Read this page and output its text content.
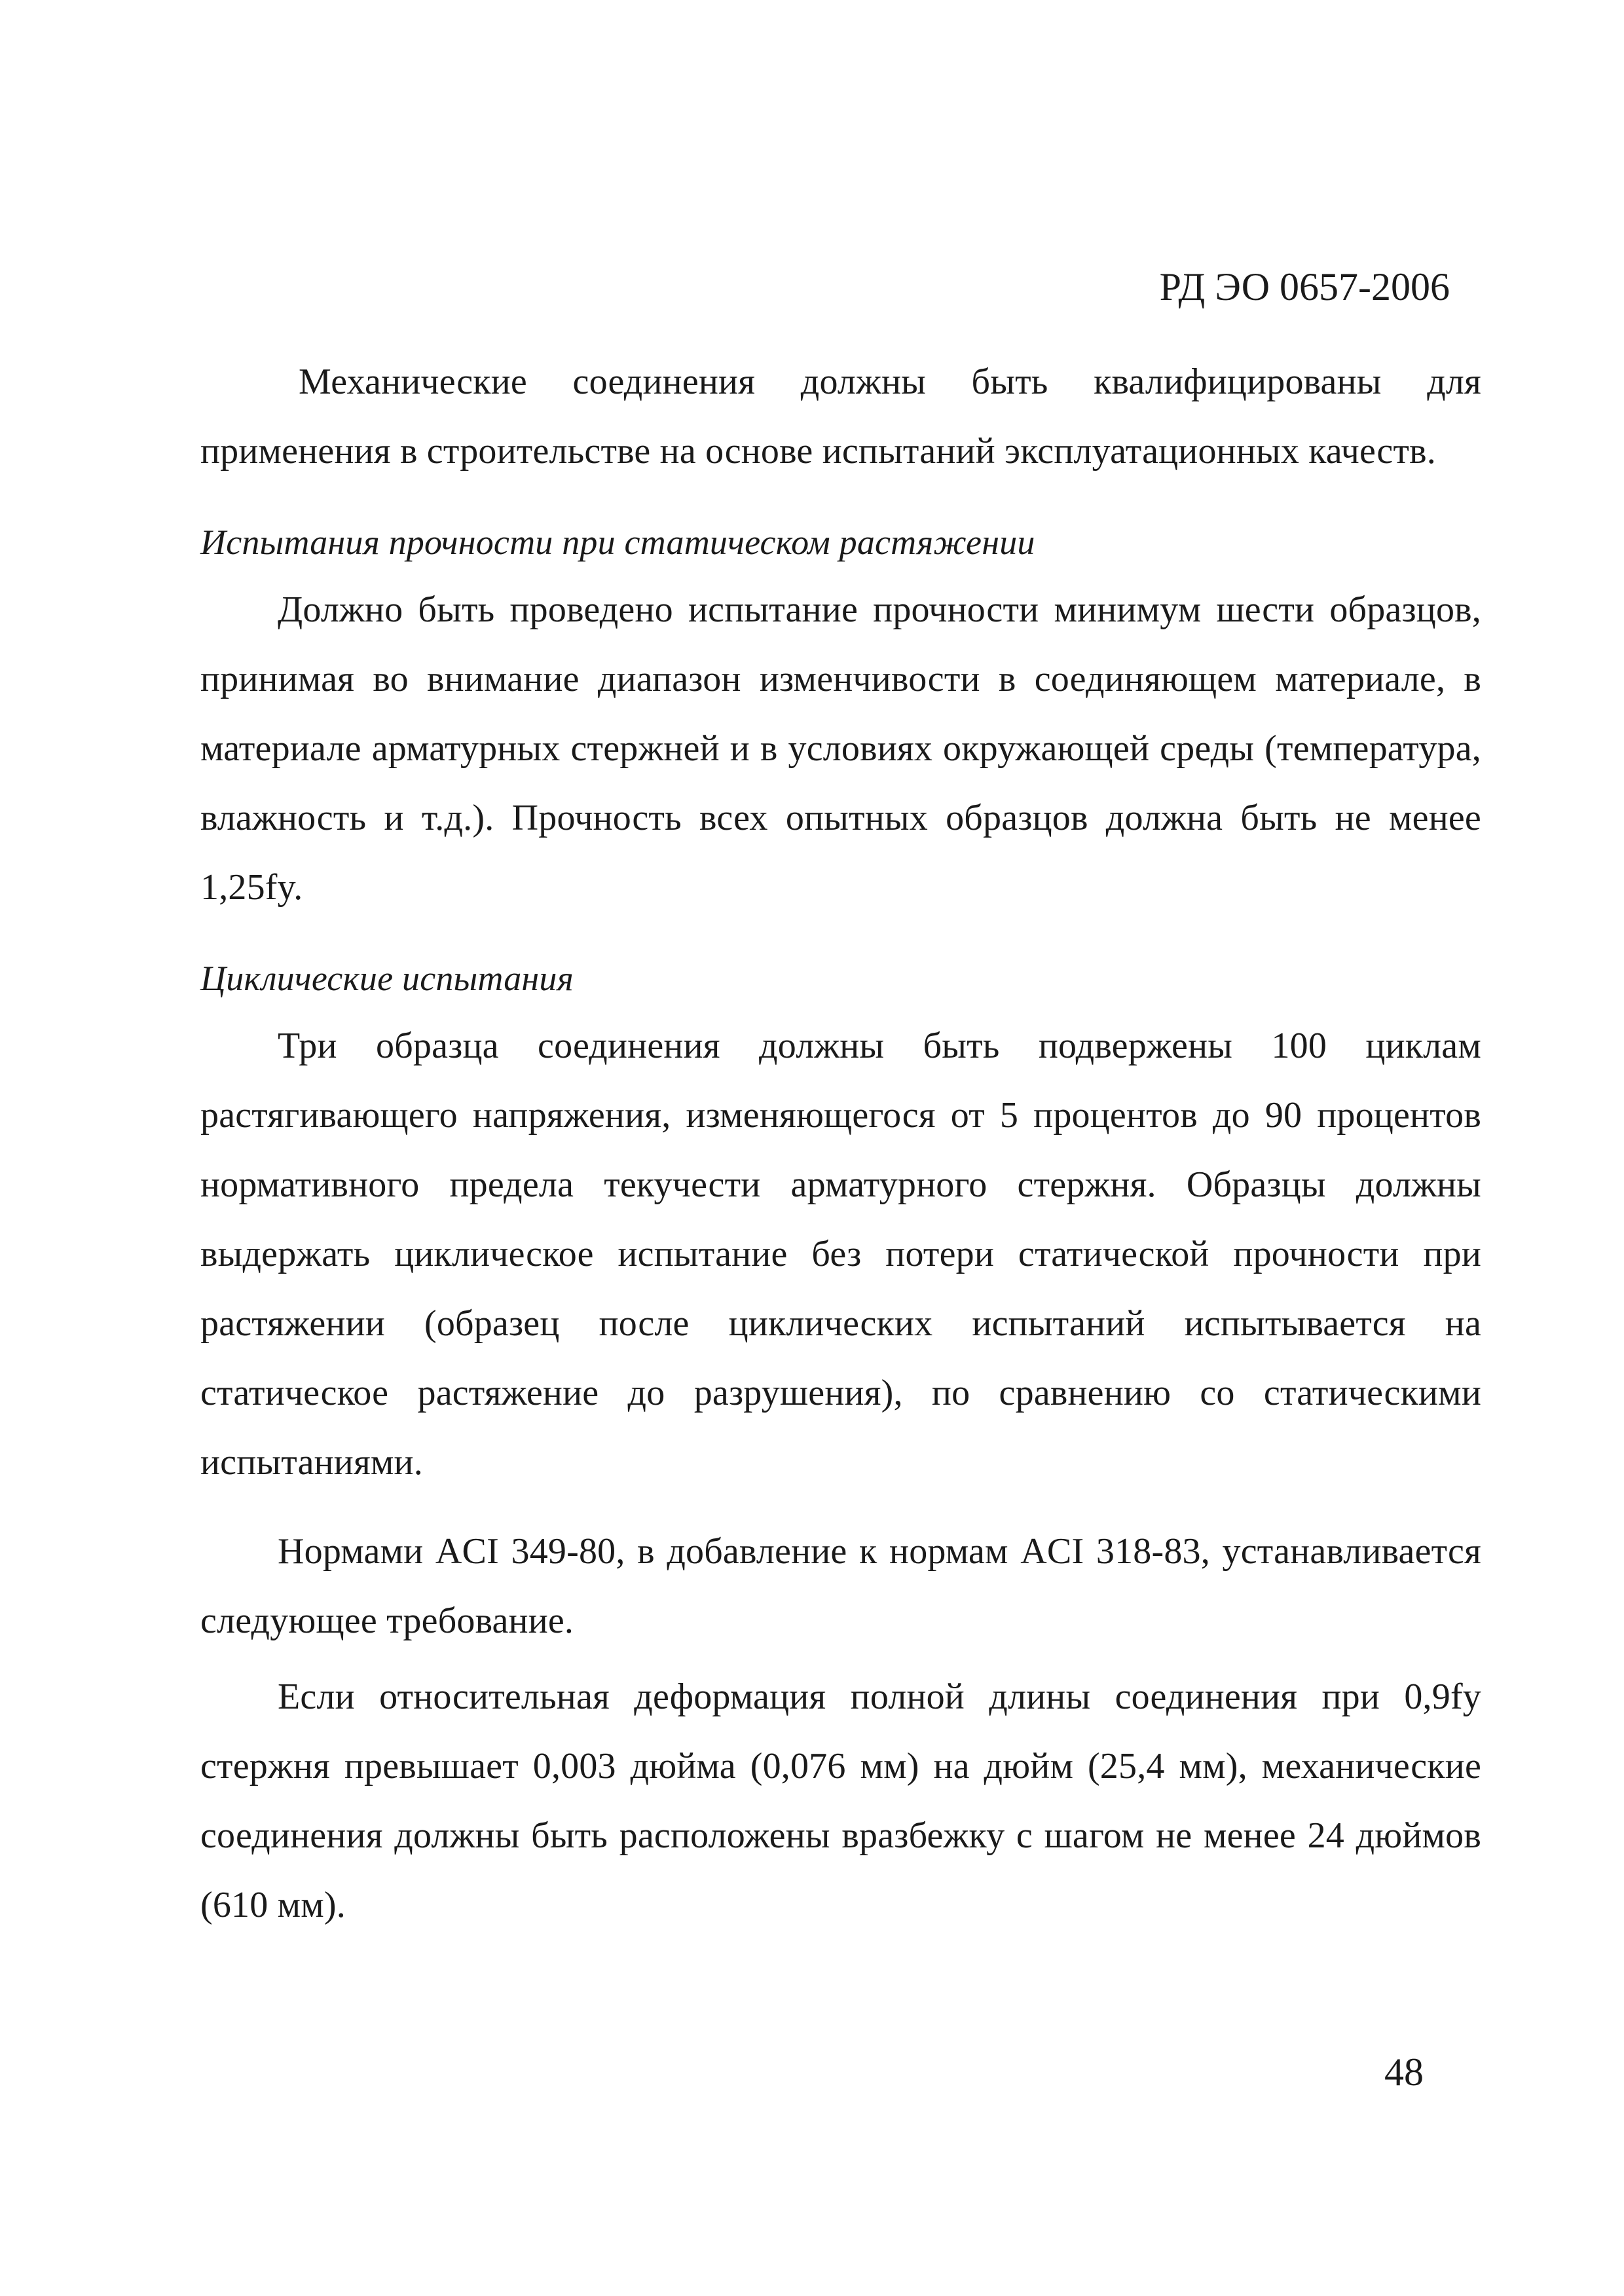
РД ЭО 0657-2006

Механические соединения должны быть квалифицированы для применения в строительстве на основе испытаний эксплуатационных качеств.

Испытания прочности при статическом растяжении

Должно быть проведено испытание прочности минимум шести образцов, принимая во внимание диапазон изменчивости в соединяющем материале, в материале арматурных стержней и в условиях окружающей среды (температура, влажность и т.д.). Прочность всех опытных образцов должна быть не менее 1,25fy.

Циклические испытания

Три образца соединения должны быть подвержены 100 циклам растягивающего напряжения, изменяющегося от 5 процентов до 90 процентов нормативного предела текучести арматурного стержня. Образцы должны выдержать циклическое испытание без потери статической прочности при растяжении (образец после циклических испытаний испытывается на статическое растяжение до разрушения), по сравнению со статическими испытаниями.

Нормами ACI 349-80, в добавление к нормам ACI 318-83, устанавливается следующее требование.

Если относительная деформация полной длины соединения при 0,9fy стержня превышает 0,003 дюйма (0,076 мм) на дюйм (25,4 мм), механические соединения должны быть расположены вразбежку с шагом не менее 24 дюймов (610 мм).

48
